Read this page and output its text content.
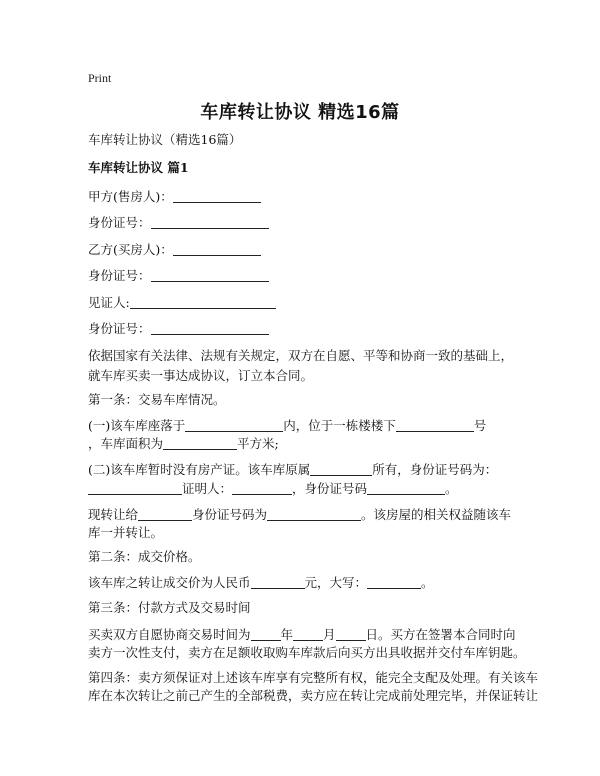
Print
车库转让协议 精选16篇
车库转让协议（精选16篇）
车库转让协议 篇1
甲方(售房人)：
身份证号：
乙方(买房人)：
身份证号：
见证人:
身份证号：
依据国家有关法律、法规有关规定，双方在自愿、平等和协商一致的基础上，就车库买卖一事达成协议，订立本合同。
第一条：交易车库情况。
(一)该车库座落于	内，位于一栋楼楼下	号
，车库面积为	平方米;
(二)该车库暂时没有房产证。该车库原属	所有，身份证号码为：
证明人：	，身份证号码	。
现转让给	身份证号码为	。该房屋的相关权益随该车
库一并转让。
第二条：成交价格。
该车库之转让成交价为人民币	元，大写：	。
第三条：付款方式及交易时间
买卖双方自愿协商交易时间为 年 月 日。买方在签署本合同时向
卖方一次性支付，卖方在足额收取购车库款后向买方出具收据并交付车库钥匙。
第四条：卖方须保证对上述该车库享有完整所有权，能完全支配及处理。有关该车
库在本次转让之前己产生的全部税费，卖方应在转让完成前处理完毕，并保证转让
